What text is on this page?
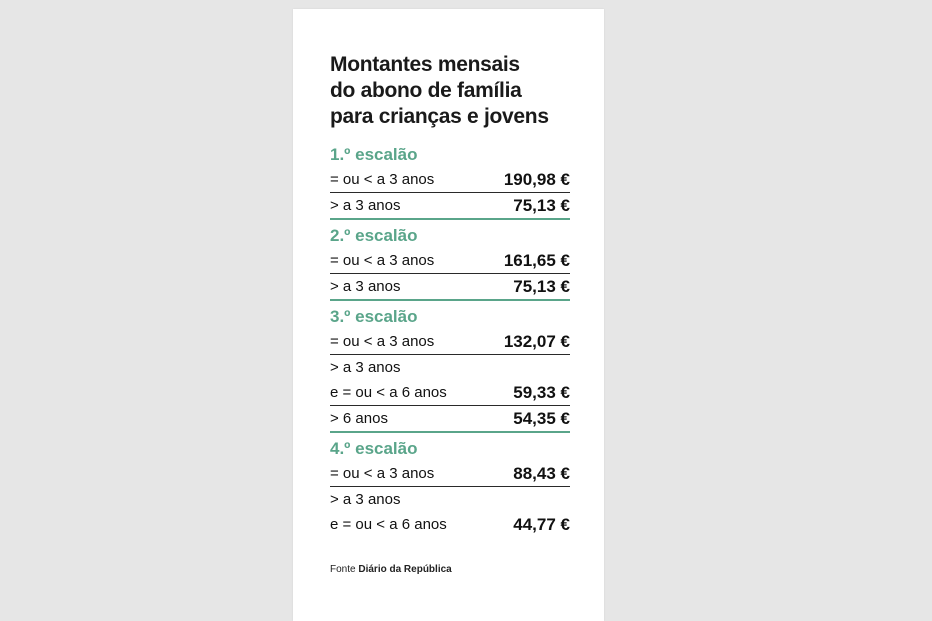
Montantes mensais
do abono de família
para crianças e jovens
1.º escalão
= ou < a 3 anos	190,98 €
> a 3 anos	75,13 €
2.º escalão
= ou < a 3 anos	161,65 €
> a 3 anos	75,13 €
3.º escalão
= ou < a 3 anos	132,07 €
> a 3 anos
e = ou < a 6 anos	59,33 €
> 6 anos	54,35 €
4.º escalão
= ou < a 3 anos	88,43 €
> a 3 anos
e = ou < a 6 anos	44,77 €
Fonte Diário da República
